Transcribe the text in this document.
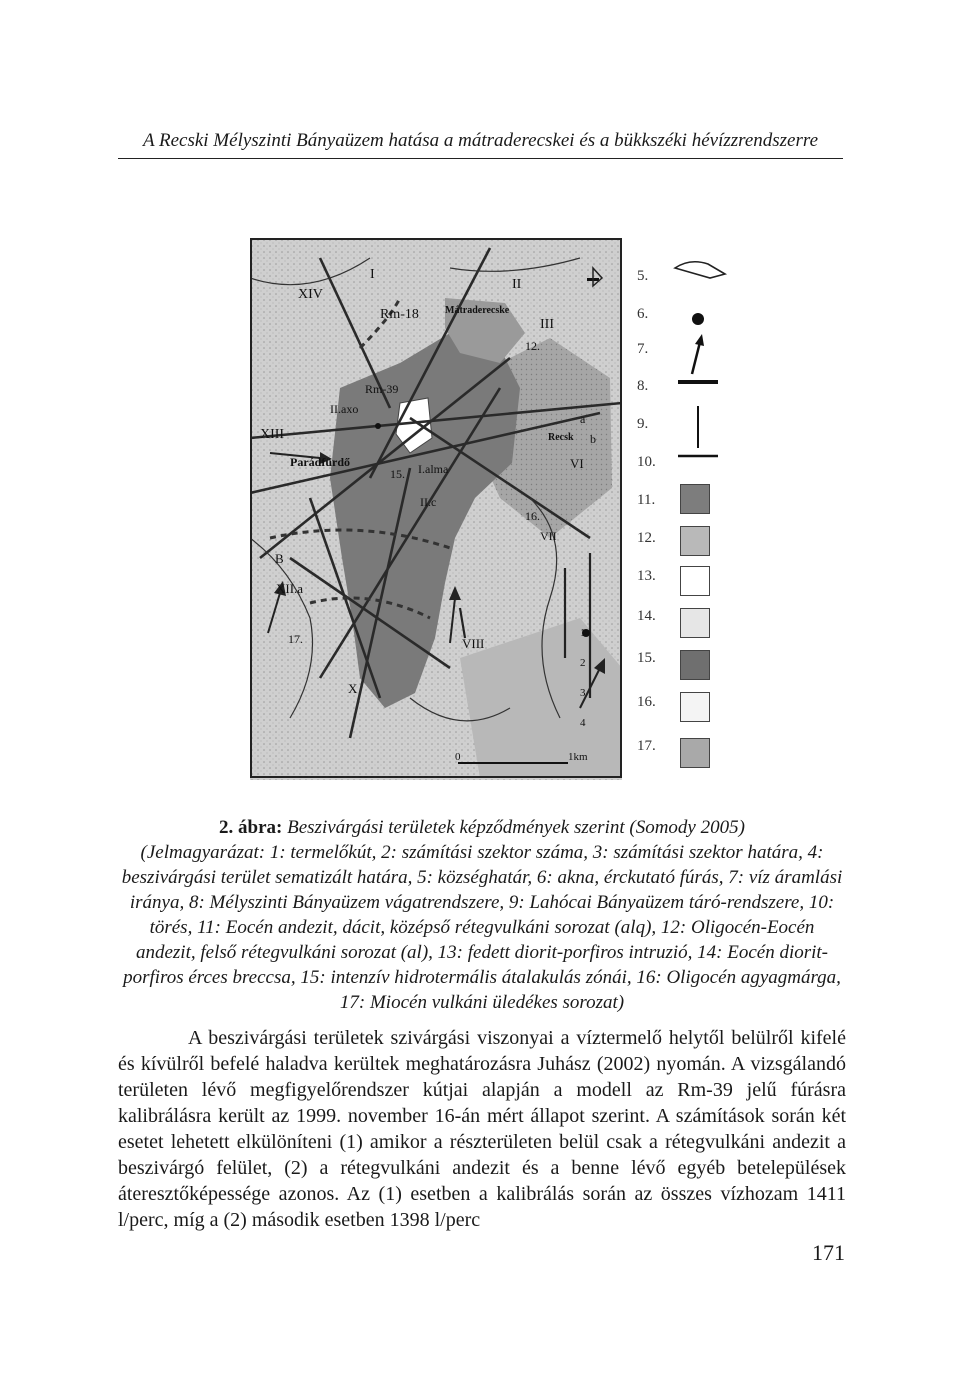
A Recski Mélyszinti Bányaüzem hatása a mátraderecskei és a bükkszéki hévízzrendszerre
I
II
XIV
Rm-18	Mátraderecske
III
12.
Rm-39
II.axo
XIII
Parádfürdő
a
Recsk b
VI
15. I.alma
II.c
16.
VII
B
XII.a
17.	VIII
X
0	1km
1
2
3
4
5.
6.
7.
8.
9.
10.
11.
12.
13.
14.
15.
16.
17.
2. ábra: Beszivárgási területek képződmények szerint (Somody 2005)
(Jelmagyarázat: 1: termelőkút, 2: számítási szektor száma, 3: számítási szektor határa, 4: beszivárgási terület sematizált határa, 5: községhatár, 6: akna, érckutató fúrás, 7: víz áramlási iránya, 8: Mélyszinti Bányaüzem vágatrendszere, 9: Lahócai Bányaüzem táró-rendszere, 10: törés, 11: Eocén andezit, dácit, középső rétegvulkáni sorozat (alq), 12: Oligocén-Eocén andezit, felső rétegvulkáni sorozat (al), 13: fedett diorit-porfiros intruzió, 14: Eocén diorit-porfiros érces breccsa, 15: intenzív hidrotermális átalakulás zónái, 16: Oligocén agyagmárga, 17: Miocén vulkáni üledékes sorozat)

A beszivárgási területek szivárgási viszonyai a víztermelő helytől belülről kifelé és kívülről befelé haladva kerültek meghatározásra Juhász (2002) nyomán. A vizsgálandó területen lévő megfigyelőrendszer kútjai alapján a modell az Rm-39 jelű fúrásra kalibrálásra került az 1999. november 16-án mért állapot szerint. A számítások során két esetet lehetett elkülöníteni (1) amikor a részterületen belül csak a rétegvulkáni andezit a beszivárgó felület, (2) a rétegvulkáni andezit és a benne lévő egyéb betelepülések áteresztőképessége azonos. Az (1) esetben a kalibrálás során az összes vízhozam 1411 l/perc, míg a (2) második esetben 1398 l/perc

171
